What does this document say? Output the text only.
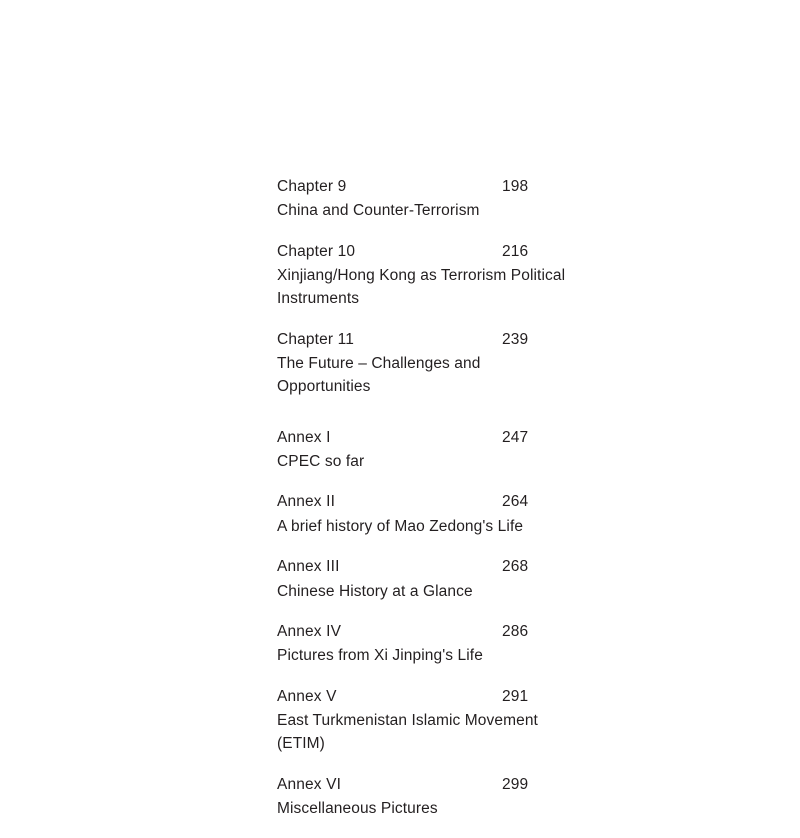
Chapter 9	198
China and Counter-Terrorism
Chapter 10	216
Xinjiang/Hong Kong as Terrorism Political Instruments
Chapter 11	239
The Future – Challenges and Opportunities
Annex I	247
CPEC so far
Annex II	264
A brief history of Mao Zedong's Life
Annex III	268
Chinese History at a Glance
Annex IV	286
Pictures from Xi Jinping's Life
Annex V	291
East Turkmenistan Islamic Movement (ETIM)
Annex VI	299
Miscellaneous Pictures
